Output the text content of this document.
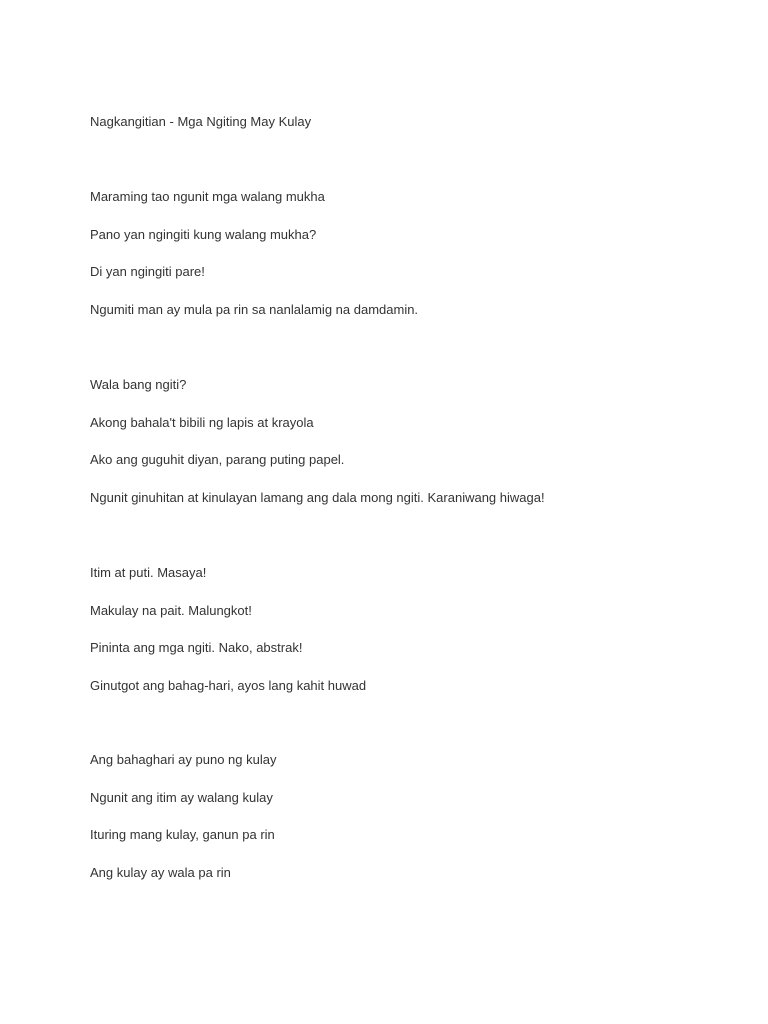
Nagkangitian - Mga Ngiting May Kulay
Maraming tao ngunit mga walang mukha
Pano yan ngingiti kung walang mukha?
Di yan ngingiti pare!
Ngumiti man ay mula pa rin sa nanlalamig na damdamin.
Wala bang ngiti?
Akong bahala't bibili ng lapis at krayola
Ako ang guguhit diyan, parang puting papel.
Ngunit ginuhitan at kinulayan lamang ang dala mong ngiti. Karaniwang hiwaga!
Itim at puti. Masaya!
Makulay na pait. Malungkot!
Pininta ang mga ngiti. Nako, abstrak!
Ginutgot ang bahag-hari, ayos lang kahit huwad
Ang bahaghari ay puno ng kulay
Ngunit ang itim ay walang kulay
Ituring mang kulay, ganun pa rin
Ang kulay ay wala pa rin
